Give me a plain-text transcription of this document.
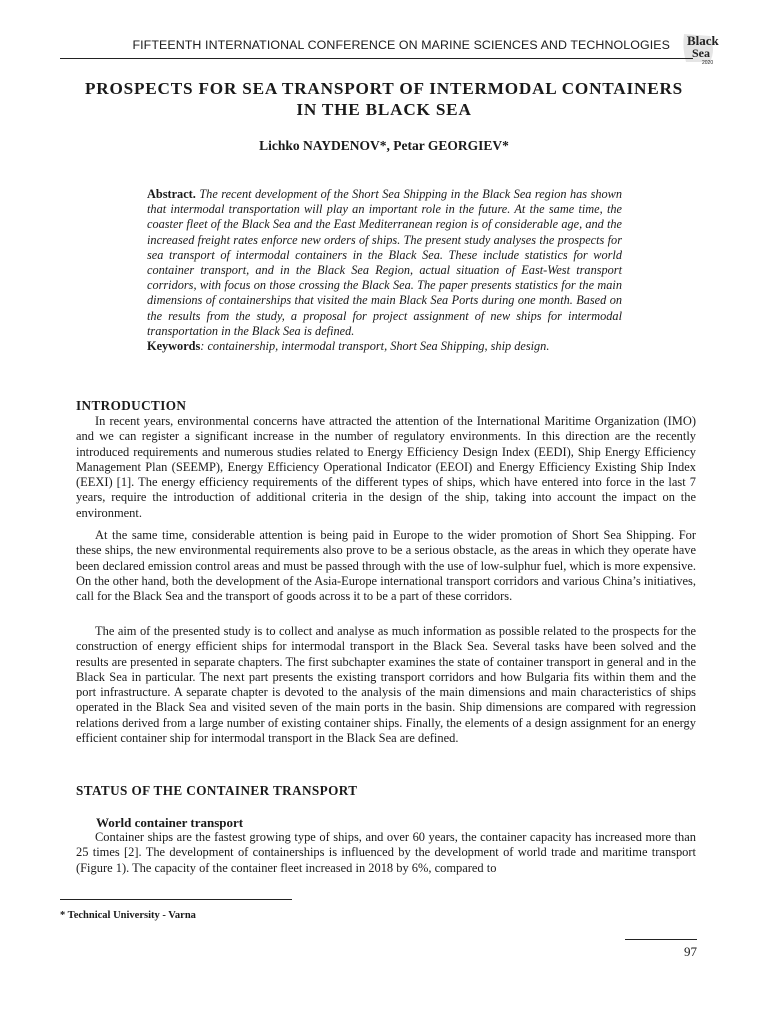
FIFTEENTH INTERNATIONAL CONFERENCE ON MARINE SCIENCES AND TECHNOLOGIES Black
Sea
2020
PROSPECTS FOR SEA TRANSPORT OF INTERMODAL CONTAINERS
IN THE BLACK SEA
Lichko NAYDENOV*, Petar GEORGIEV*
Abstract. The recent development of the Short Sea Shipping in the Black Sea region has shown that intermodal transportation will play an important role in the future. At the same time, the coaster fleet of the Black Sea and the East Mediterranean region is of considerable age, and the increased freight rates enforce new orders of ships. The present study analyses the prospects for sea transport of intermodal containers in the Black Sea. These include statistics for world container transport, and in the Black Sea Region, actual situation of East-West transport corridors, with focus on those crossing the Black Sea. The paper presents statistics for the main dimensions of containerships that visited the main Black Sea Ports during one month. Based on the results from the study, a proposal for project assignment of new ships for intermodal transportation in the Black Sea is defined.
Keywords: containership, intermodal transport, Short Sea Shipping, ship design.
INTRODUCTION

In recent years, environmental concerns have attracted the attention of the International Maritime Organization (IMO) and we can register a significant increase in the number of regulatory environments. In this direction are the recently introduced requirements and numerous studies related to Energy Efficiency Design Index (EEDI), Ship Energy Efficiency Management Plan (SEEMP), Energy Efficiency Operational Indicator (EEOI) and Energy Efficiency Existing Ship Index (EEXI) [1]. The energy efficiency requirements of the different types of ships, which have entered into force in the last 7 years, require the introduction of additional criteria in the design of the ship, taking into account the impact on the environment.

At the same time, considerable attention is being paid in Europe to the wider promotion of Short Sea Shipping. For these ships, the new environmental requirements also prove to be a serious obstacle, as the areas in which they operate have been declared emission control areas and must be passed through with the use of low-sulphur fuel, which is more expensive. On the other hand, both the development of the Asia-Europe international transport corridors and various China’s initiatives, call for the Black Sea and the transport of goods across it to be a part of these corridors.

The aim of the presented study is to collect and analyse as much information as possible related to the prospects for the construction of energy efficient ships for intermodal transport in the Black Sea. Several tasks have been solved and the results are presented in separate chapters. The first subchapter examines the state of container transport in general and in the Black Sea in particular. The next part presents the existing transport corridors and how Bulgaria fits within them and the port infrastructure. A separate chapter is devoted to the analysis of the main dimensions and main characteristics of ships operated in the Black Sea and visited seven of the main ports in the basin. Ship dimensions are compared with regression relations derived from a large number of existing container ships. Finally, the elements of a design assignment for an energy efficient container ship for intermodal transport in the Black Sea are defined.

STATUS OF THE CONTAINER TRANSPORT
World container transport

Container ships are the fastest growing type of ships, and over 60 years, the container capacity has increased more than 25 times [2]. The development of containerships is influenced by the development of world trade and maritime transport (Figure 1). The capacity of the container fleet increased in 2018 by 6%, compared to

* Technical University - Varna
97
